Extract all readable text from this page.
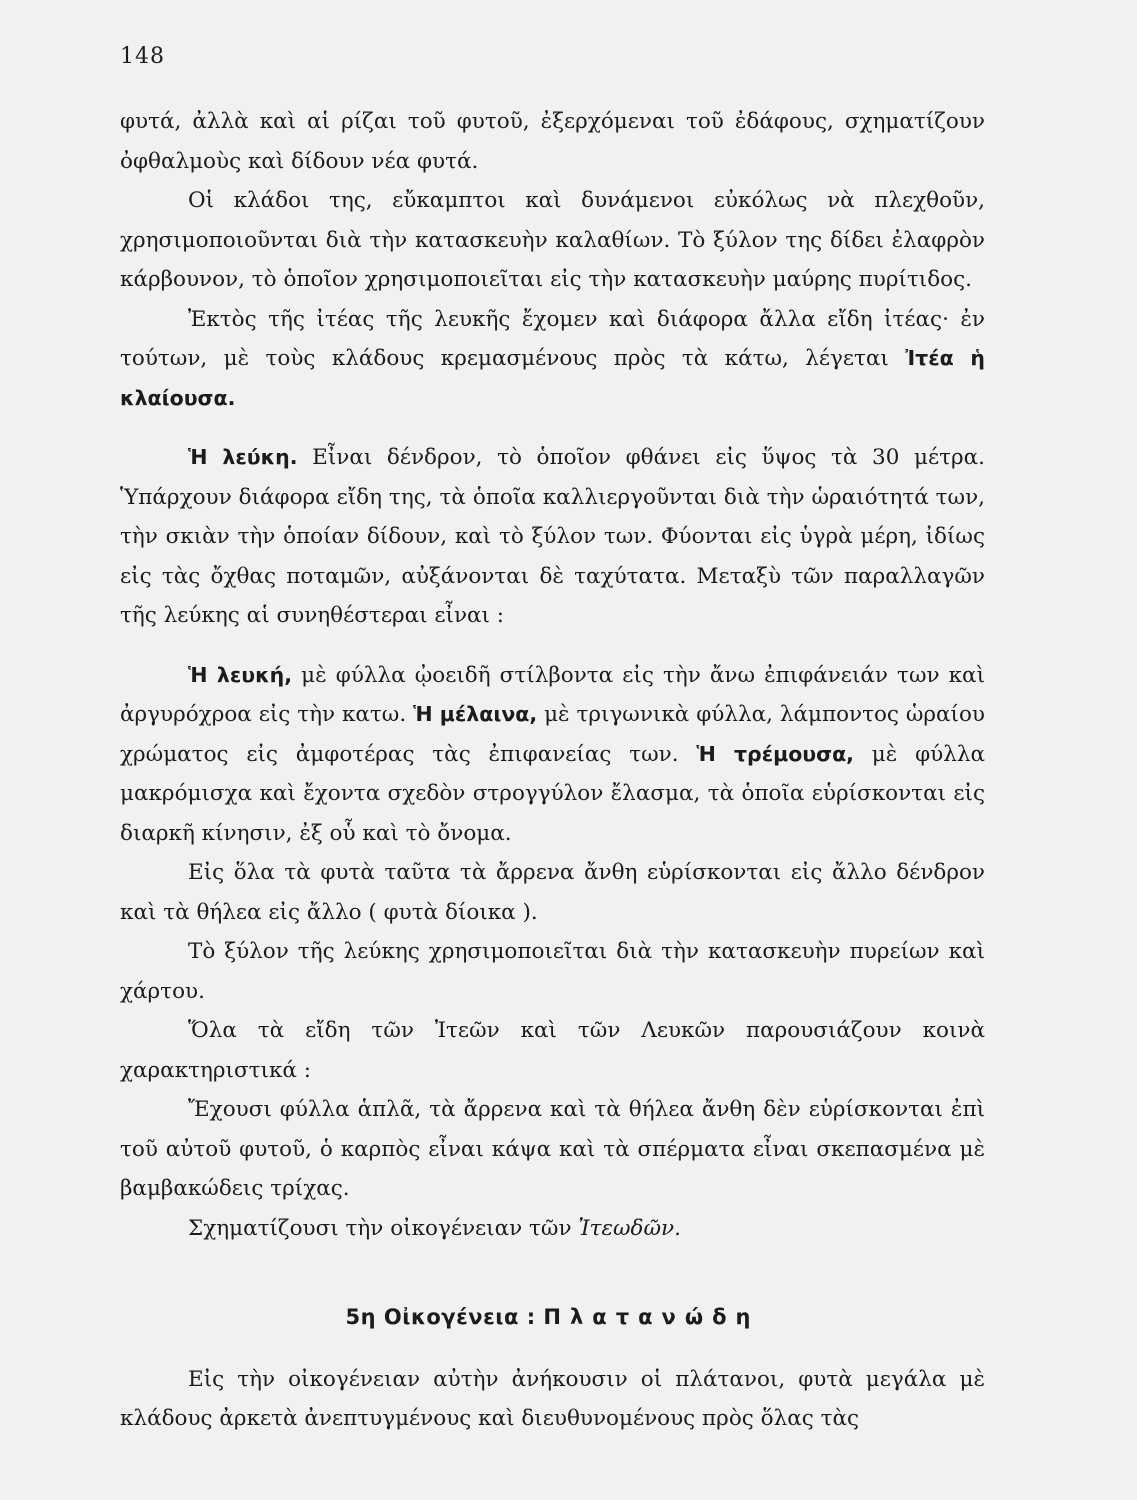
148

φυτά, ἀλλὰ καὶ αἱ ρίζαι τοῦ φυτοῦ, ἐξερχόμεναι τοῦ ἐδάφους, σχηματίζουν ὀφθαλμοὺς καὶ δίδουν νέα φυτά.

Οἱ κλάδοι της, εὔκαμπτοι καὶ δυνάμενοι εὐκόλως νὰ πλεχθοῦν, χρησιμοποιοῦνται διὰ τὴν κατασκευὴν καλαθίων. Τὸ ξύλον της δίδει ἐλαφρὸν κάρβουνον, τὸ ὁποῖον χρησιμοποιεῖται εἰς τὴν κατασκευὴν μαύρης πυρίτιδος.

Ἐκτὸς τῆς ἰτέας τῆς λευκῆς ἔχομεν καὶ διάφορα ἄλλα εἴδη ἰτέας· ἐν τούτων, μὲ τοὺς κλάδους κρεμασμένους πρὸς τὰ κάτω, λέγεται Ἰτέα ἡ κλαίουσα.

Ἡ λεύκη. Εἶναι δένδρον, τὸ ὁποῖον φθάνει εἰς ὕψος τὰ 30 μέτρα. Ὑπάρχουν διάφορα εἴδη της, τὰ ὁποῖα καλλιεργοῦνται διὰ τὴν ὡραιότητά των, τὴν σκιὰν τὴν ὁποίαν δίδουν, καὶ τὸ ξύλον των. Φύονται εἰς ὑγρὰ μέρη, ἰδίως εἰς τὰς ὄχθας ποταμῶν, αὐξάνονται δὲ ταχύτατα. Μεταξὺ τῶν παραλλαγῶν τῆς λεύκης αἱ συνηθέστεραι εἶναι :

Ἡ λευκή, μὲ φύλλα ᾠοειδῆ στίλβοντα εἰς τὴν ἄνω ἐπιφάνειάν των καὶ ἀργυρόχροα εἰς τὴν κατω. Ἡ μέλαινα, μὲ τριγωνικὰ φύλλα, λάμποντος ὡραίου χρώματος εἰς ἀμφοτέρας τὰς ἐπιφανείας των. Ἡ τρέμουσα, μὲ φύλλα μακρόμισχα καὶ ἔχοντα σχεδὸν στρογγύλον ἔλασμα, τὰ ὁποῖα εὑρίσκονται εἰς διαρκῆ κίνησιν, ἐξ οὗ καὶ τὸ ὄνομα.

Εἰς ὅλα τὰ φυτὰ ταῦτα τὰ ἄρρενα ἄνθη εὑρίσκονται εἰς ἄλλο δένδρον καὶ τὰ θήλεα εἰς ἄλλο ( φυτὰ δίοικα ).

Τὸ ξύλον τῆς λεύκης χρησιμοποιεῖται διὰ τὴν κατασκευὴν πυρείων καὶ χάρτου.

Ὅλα τὰ εἴδη τῶν Ἰτεῶν καὶ τῶν Λευκῶν παρουσιάζουν κοινὰ χαρακτηριστικά :

Ἔχουσι φύλλα ἁπλᾶ, τὰ ἄρρενα καὶ τὰ θήλεα ἄνθη δὲν εὑρίσκονται ἐπὶ τοῦ αὐτοῦ φυτοῦ, ὁ καρπὸς εἶναι κάψα καὶ τὰ σπέρματα εἶναι σκεπασμένα μὲ βαμβακώδεις τρίχας.

Σχηματίζουσι τὴν οἰκογένειαν τῶν Ἰτεωδῶν.

5η Οἰκογένεια : Πλατανώδη

Εἰς τὴν οἰκογένειαν αὐτὴν ἀνήκουσιν οἱ πλάτανοι, φυτὰ μεγάλα μὲ κλάδους ἀρκετὰ ἀνεπτυγμένους καὶ διευθυνομένους πρὸς ὅλας τὰς
